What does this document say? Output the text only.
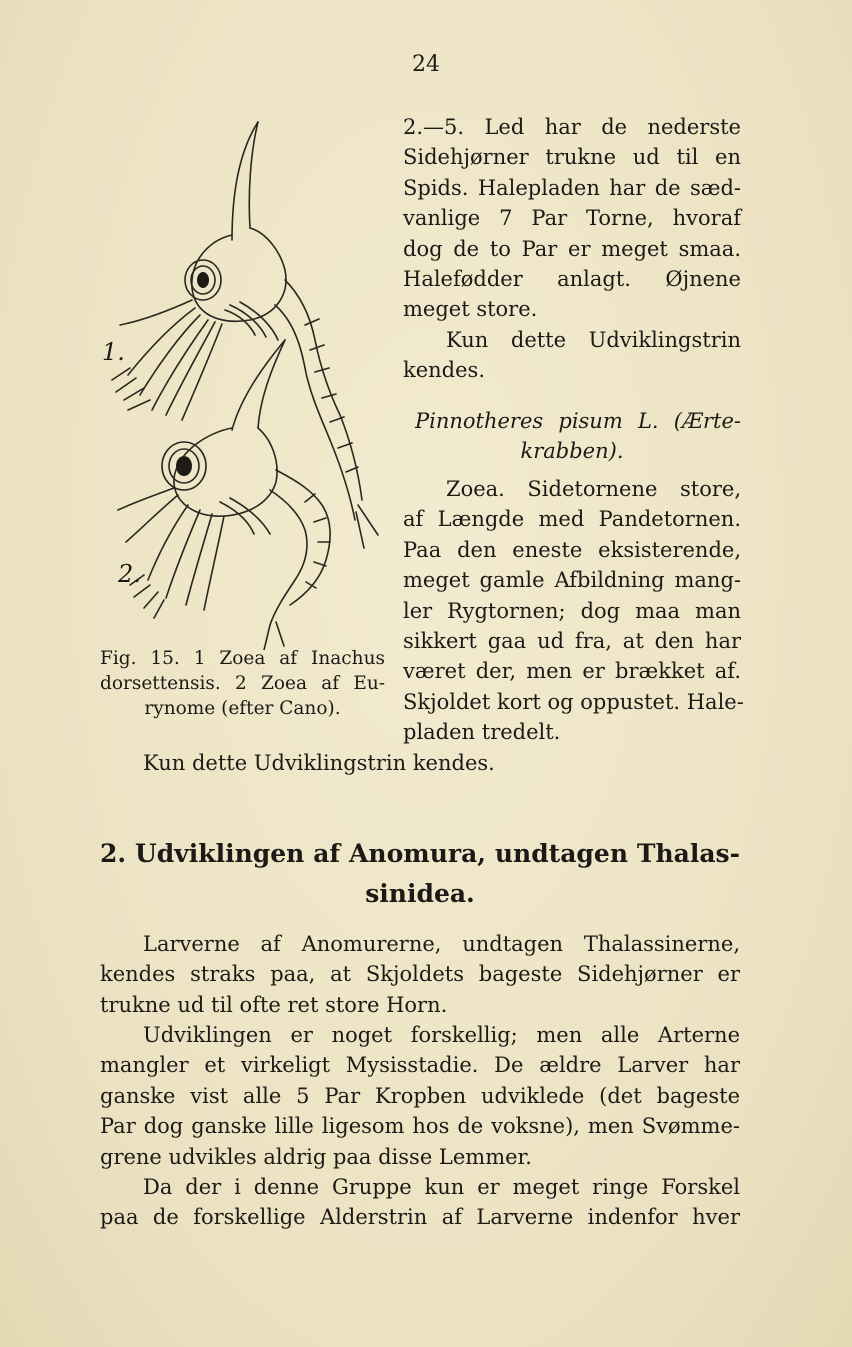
24
1.
2.

Fig. 15. 1 Zoea af Inachus

dorsettensis. 2 Zoea af Eu-

rynome (efter Cano).

2.—5. Led har de nederste
Sidehjørner trukne ud til en
Spids. Halepladen har de sæd-
vanlige 7 Par Torne, hvoraf
dog de to Par er meget smaa.
Halefødder anlagt. Øjnene
meget store.
Kun dette Udviklingstrin
kendes.
Pinnotheres pisum L. (Ærte-
krabben).
Zoea. Sidetornene store,
af Længde med Pandetornen.
Paa den eneste eksisterende,
meget gamle Afbildning mang-
ler Rygtornen; dog maa man
sikkert gaa ud fra, at den har
været der, men er brækket af.
Skjoldet kort og oppustet. Hale-
pladen tredelt.
Kun dette Udviklingstrin kendes.
2. Udviklingen af Anomura, undtagen Thalas-
sinidea.
Larverne af Anomurerne, undtagen Thalassinerne,
kendes straks paa, at Skjoldets bageste Sidehjørner er
trukne ud til ofte ret store Horn.
Udviklingen er noget forskellig; men alle Arterne
mangler et virkeligt Mysisstadie. De ældre Larver har
ganske vist alle 5 Par Kropben udviklede (det bageste
Par dog ganske lille ligesom hos de voksne), men Svømme-
grene udvikles aldrig paa disse Lemmer.
Da der i denne Gruppe kun er meget ringe Forskel
paa de forskellige Alderstrin af Larverne indenfor hver
